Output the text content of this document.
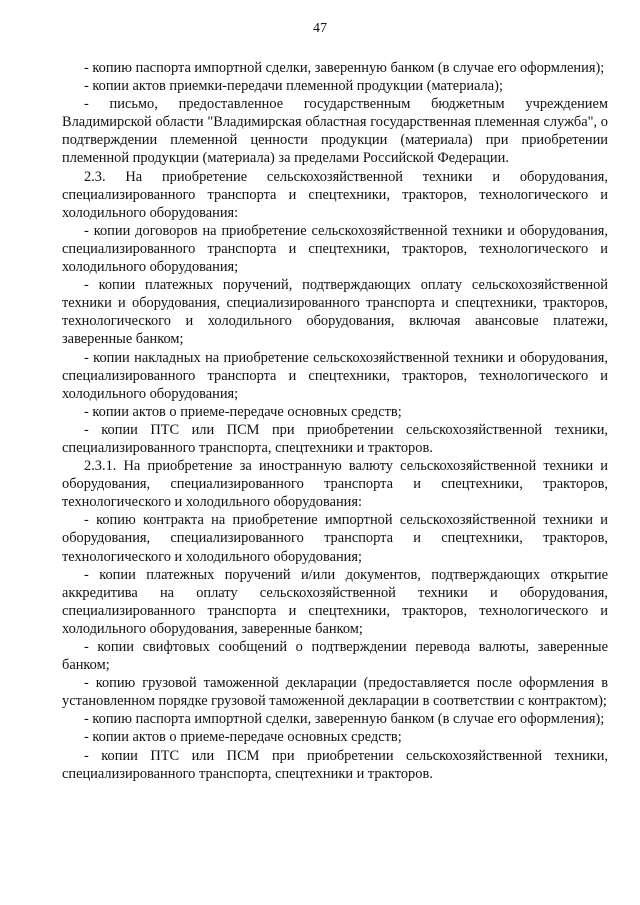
47

- копию паспорта импортной сделки, заверенную банком (в случае его оформления);

- копии актов приемки-передачи племенной продукции (материала);

- письмо, предоставленное государственным бюджетным учреждением Владимирской области "Владимирская областная государственная племенная служба", о подтверждении племенной ценности продукции (материала) при приобретении племенной продукции (материала) за пределами Российской Федерации.

2.3. На приобретение сельскохозяйственной техники и оборудования, специализированного транспорта и спецтехники, тракторов, технологического и холодильного оборудования:

- копии договоров на приобретение сельскохозяйственной техники и оборудования, специализированного транспорта и спецтехники, тракторов, технологического и холодильного оборудования;

- копии платежных поручений, подтверждающих оплату сельскохозяйственной техники и оборудования, специализированного транспорта и спецтехники, тракторов, технологического и холодильного оборудования, включая авансовые платежи, заверенные банком;

- копии накладных на приобретение сельскохозяйственной техники и оборудования, специализированного транспорта и спецтехники, тракторов, технологического и холодильного оборудования;

- копии актов о приеме-передаче основных средств;

- копии ПТС или ПСМ при приобретении сельскохозяйственной техники, специализированного транспорта, спецтехники и тракторов.

2.3.1. На приобретение за иностранную валюту сельскохозяйственной техники и оборудования, специализированного транспорта и спецтехники, тракторов, технологического и холодильного оборудования:

- копию контракта на приобретение импортной сельскохозяйственной техники и оборудования, специализированного транспорта и спецтехники, тракторов, технологического и холодильного оборудования;

- копии платежных поручений и/или документов, подтверждающих открытие аккредитива на оплату сельскохозяйственной техники и оборудования, специализированного транспорта и спецтехники, тракторов, технологического и холодильного оборудования, заверенные банком;

- копии свифтовых сообщений о подтверждении перевода валюты, заверенные банком;

- копию грузовой таможенной декларации (предоставляется после оформления в установленном порядке грузовой таможенной декларации в соответствии с контрактом);

- копию паспорта импортной сделки, заверенную банком (в случае его оформления);

- копии актов о приеме-передаче основных средств;

- копии ПТС или ПСМ при приобретении сельскохозяйственной техники, специализированного транспорта, спецтехники и тракторов.
